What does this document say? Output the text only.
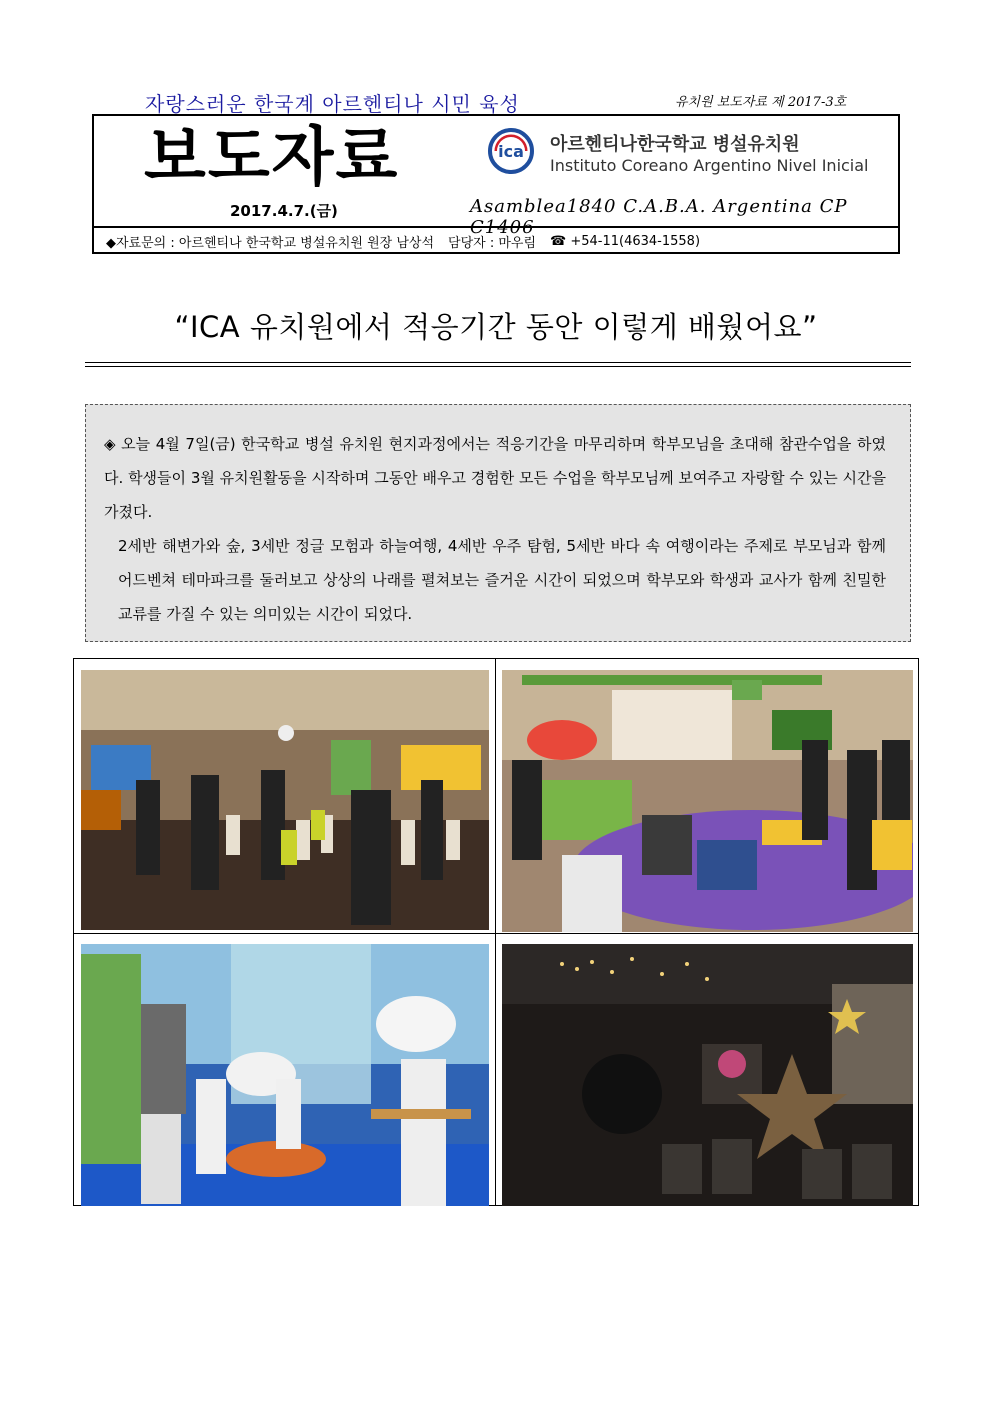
자랑스러운 한국계 아르헨티나 시민 육성	유치원 보도자료 제 2017-3호
보도자료	ica 아르헨티나한국학교 병설유치원
Instituto Coreano Argentino Nivel Inicial
2017.4.7.(금)	Asamblea1840 C.A.B.A. Argentina CP C1406
◆자료문의 : 아르헨티나 한국학교 병설유치원 원장 남상석 담당자 : 마우림 ☎ +54-11(4634-1558)
“ICA 유치원에서 적응기간 동안 이렇게 배웠어요”

◈ 오늘 4월 7일(금) 한국학교 병설 유치원 현지과정에서는 적응기간을 마무리하며 학부모님을 초대해 참관수업을 하였다. 학생들이 3월 유치원활동을 시작하며 그동안 배우고 경험한 모든 수업을 학부모님께 보여주고 자랑할 수 있는 시간을 가졌다.

2세반 해변가와 숲, 3세반 정글 모험과 하늘여행, 4세반 우주 탐험, 5세반 바다 속 여행이라는 주제로 부모님과 함께 어드벤쳐 테마파크를 둘러보고 상상의 나래를 펼쳐보는 즐거운 시간이 되었으며 학부모와 학생과 교사가 함께 친밀한 교류를 가질 수 있는 의미있는 시간이 되었다.
